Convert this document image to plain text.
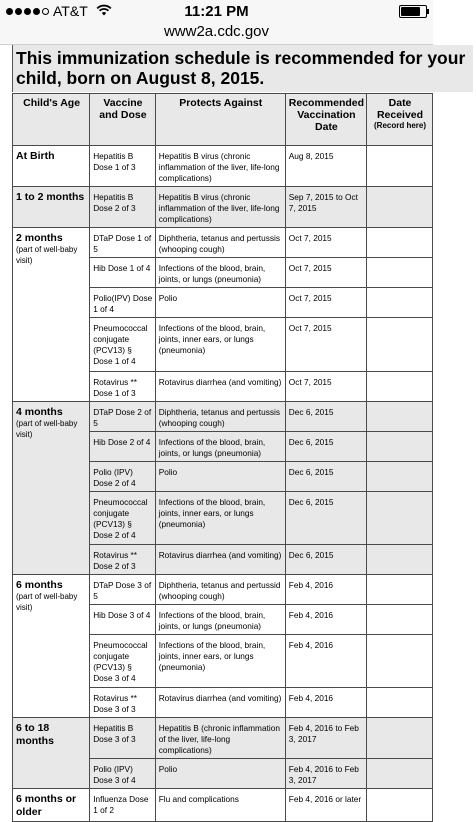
AT&T	11:21 PM
www2a.cdc.gov
This immunization schedule is recommended for your child, born on August 8, 2015.
Child's Age	Vaccine and Dose	Protects Against	Recommended Vaccination Date	Date Received
(Record here)

At Birth	Hepatitis B Dose 1 of 3	Hepatitis B virus (chronic inflammation of the liver, life-long complications)	Aug 8, 2015	
1 to 2 months	Hepatitis B Dose 2 of 3	Hepatitis B virus (chronic inflammation of the liver, life-long complications)	Sep 7, 2015 to Oct 7, 2015	
2 months
(part of well-baby visit)	DTaP Dose 1 of 5	Diphtheria, tetanus and pertussis (whooping cough)	Oct 7, 2015	
	Hib Dose 1 of 4	Infections of the blood, brain, joints, or lungs (pneumonia)	Oct 7, 2015	
	Polio(IPV) Dose 1 of 4	Polio	Oct 7, 2015	
	Pneumococcal conjugate (PCV13) § Dose 1 of 4	Infections of the blood, brain, joints, inner ears, or lungs (pneumonia)	Oct 7, 2015	
	Rotavirus ** Dose 1 of 3	Rotavirus diarrhea (and vomiting)	Oct 7, 2015	
4 months
(part of well-baby visit)	DTaP Dose 2 of 5	Diphtheria, tetanus and pertussis (whooping cough)	Dec 6, 2015	
	Hib Dose 2 of 4	Infections of the blood, brain, joints, or lungs (pneumonia)	Dec 6, 2015	
	Polio (IPV) Dose 2 of 4	Polio	Dec 6, 2015	
	Pneumococcal conjugate (PCV13) § Dose 2 of 4	Infections of the blood, brain, joints, inner ears, or lungs (pneumonia)	Dec 6, 2015	
	Rotavirus ** Dose 2 of 3	Rotavirus diarrhea (and vomiting)	Dec 6, 2015	
6 months
(part of well-baby visit)	DTaP Dose 3 of 5	Diphtheria, tetanus and pertussid (whooping cough)	Feb 4, 2016	
	Hib Dose 3 of 4	Infections of the blood, brain, joints, or lungs (pneumonia)	Feb 4, 2016	
	Pneumococcal conjugate (PCV13) § Dose 3 of 4	Infections of the blood, brain, joints, inner ears, or lungs (pneumonia)	Feb 4, 2016	
	Rotavirus ** Dose 3 of 3	Rotavirus diarrhea (and vomiting)	Feb 4, 2016	
6 to 18 months	Hepatitis B Dose 3 of 3	Hepatitis B (chronic inflammation of the liver, life-long complications)	Feb 4, 2016 to Feb 3, 2017	
	Polio (IPV) Dose 3 of 4	Polio	Feb 4, 2016 to Feb 3, 2017	
6 months or older	Influenza Dose 1 of 2	Flu and complications	Feb 4, 2016 or later	
